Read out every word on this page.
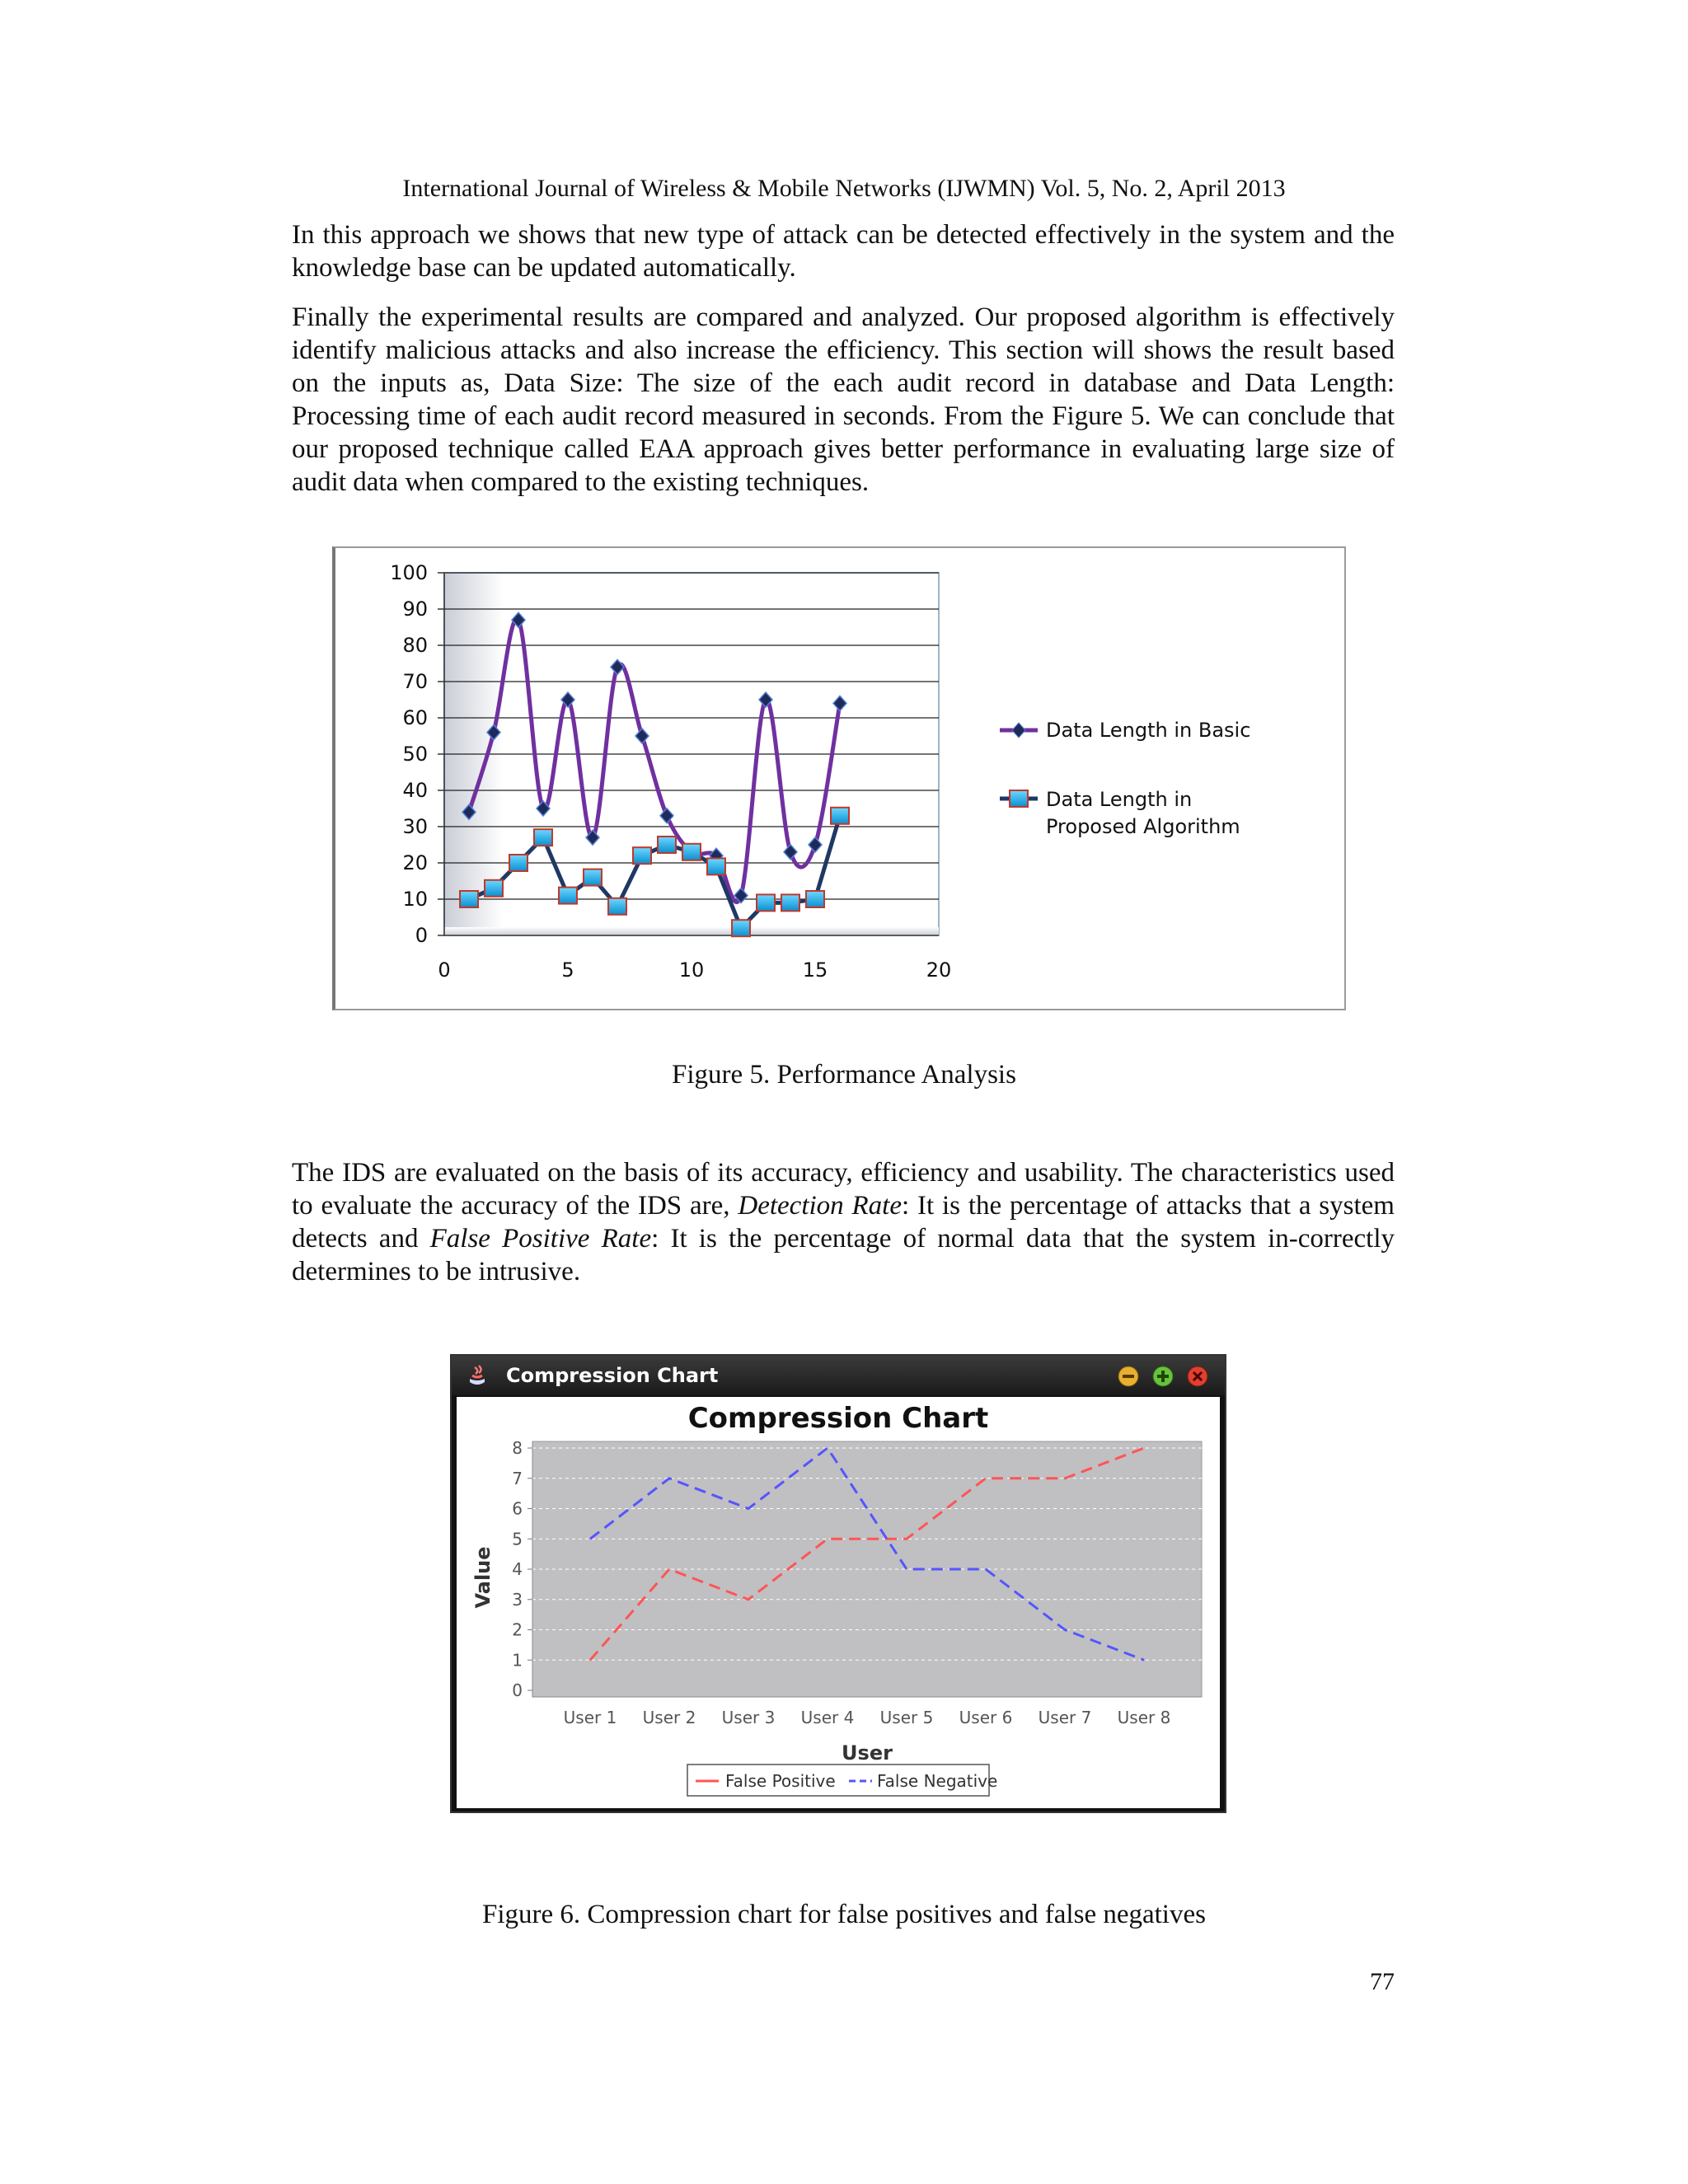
International Journal of Wireless & Mobile Networks (IJWMN) Vol. 5, No. 2, April 2013
In this approach we shows that new type of attack can be detected effectively in the system and the knowledge base can be updated automatically.
Finally the experimental results are compared and analyzed. Our proposed algorithm is effectively identify malicious attacks and also increase the efficiency. This section will shows the result based on the inputs as, Data Size: The size of the each audit record in database and Data Length: Processing time of each audit record measured in seconds. From the Figure 5. We can conclude that our proposed technique called EAA approach gives better performance in evaluating large size of audit data when compared to the existing techniques.
0
10
20
30
40
50
60
70
80
90
100
0	5	10	15	20
Data Length in Basic
Data Length in
Proposed Algorithm
Figure 5. Performance Analysis
The IDS are evaluated on the basis of its accuracy, efficiency and usability. The characteristics used to evaluate the accuracy of the IDS are, Detection Rate: It is the percentage of attacks that a system detects and False Positive Rate: It is the percentage of normal data that the system in-correctly determines to be intrusive.
Compression Chart
Compression Chart
0
1
2
3
4
5
6
7
8
User 1 User 2 User 3 User 4 User 5 User 6 User 7 User 8
User
Value
False Positive	False Negative
Figure 6. Compression chart for false positives and false negatives
77
